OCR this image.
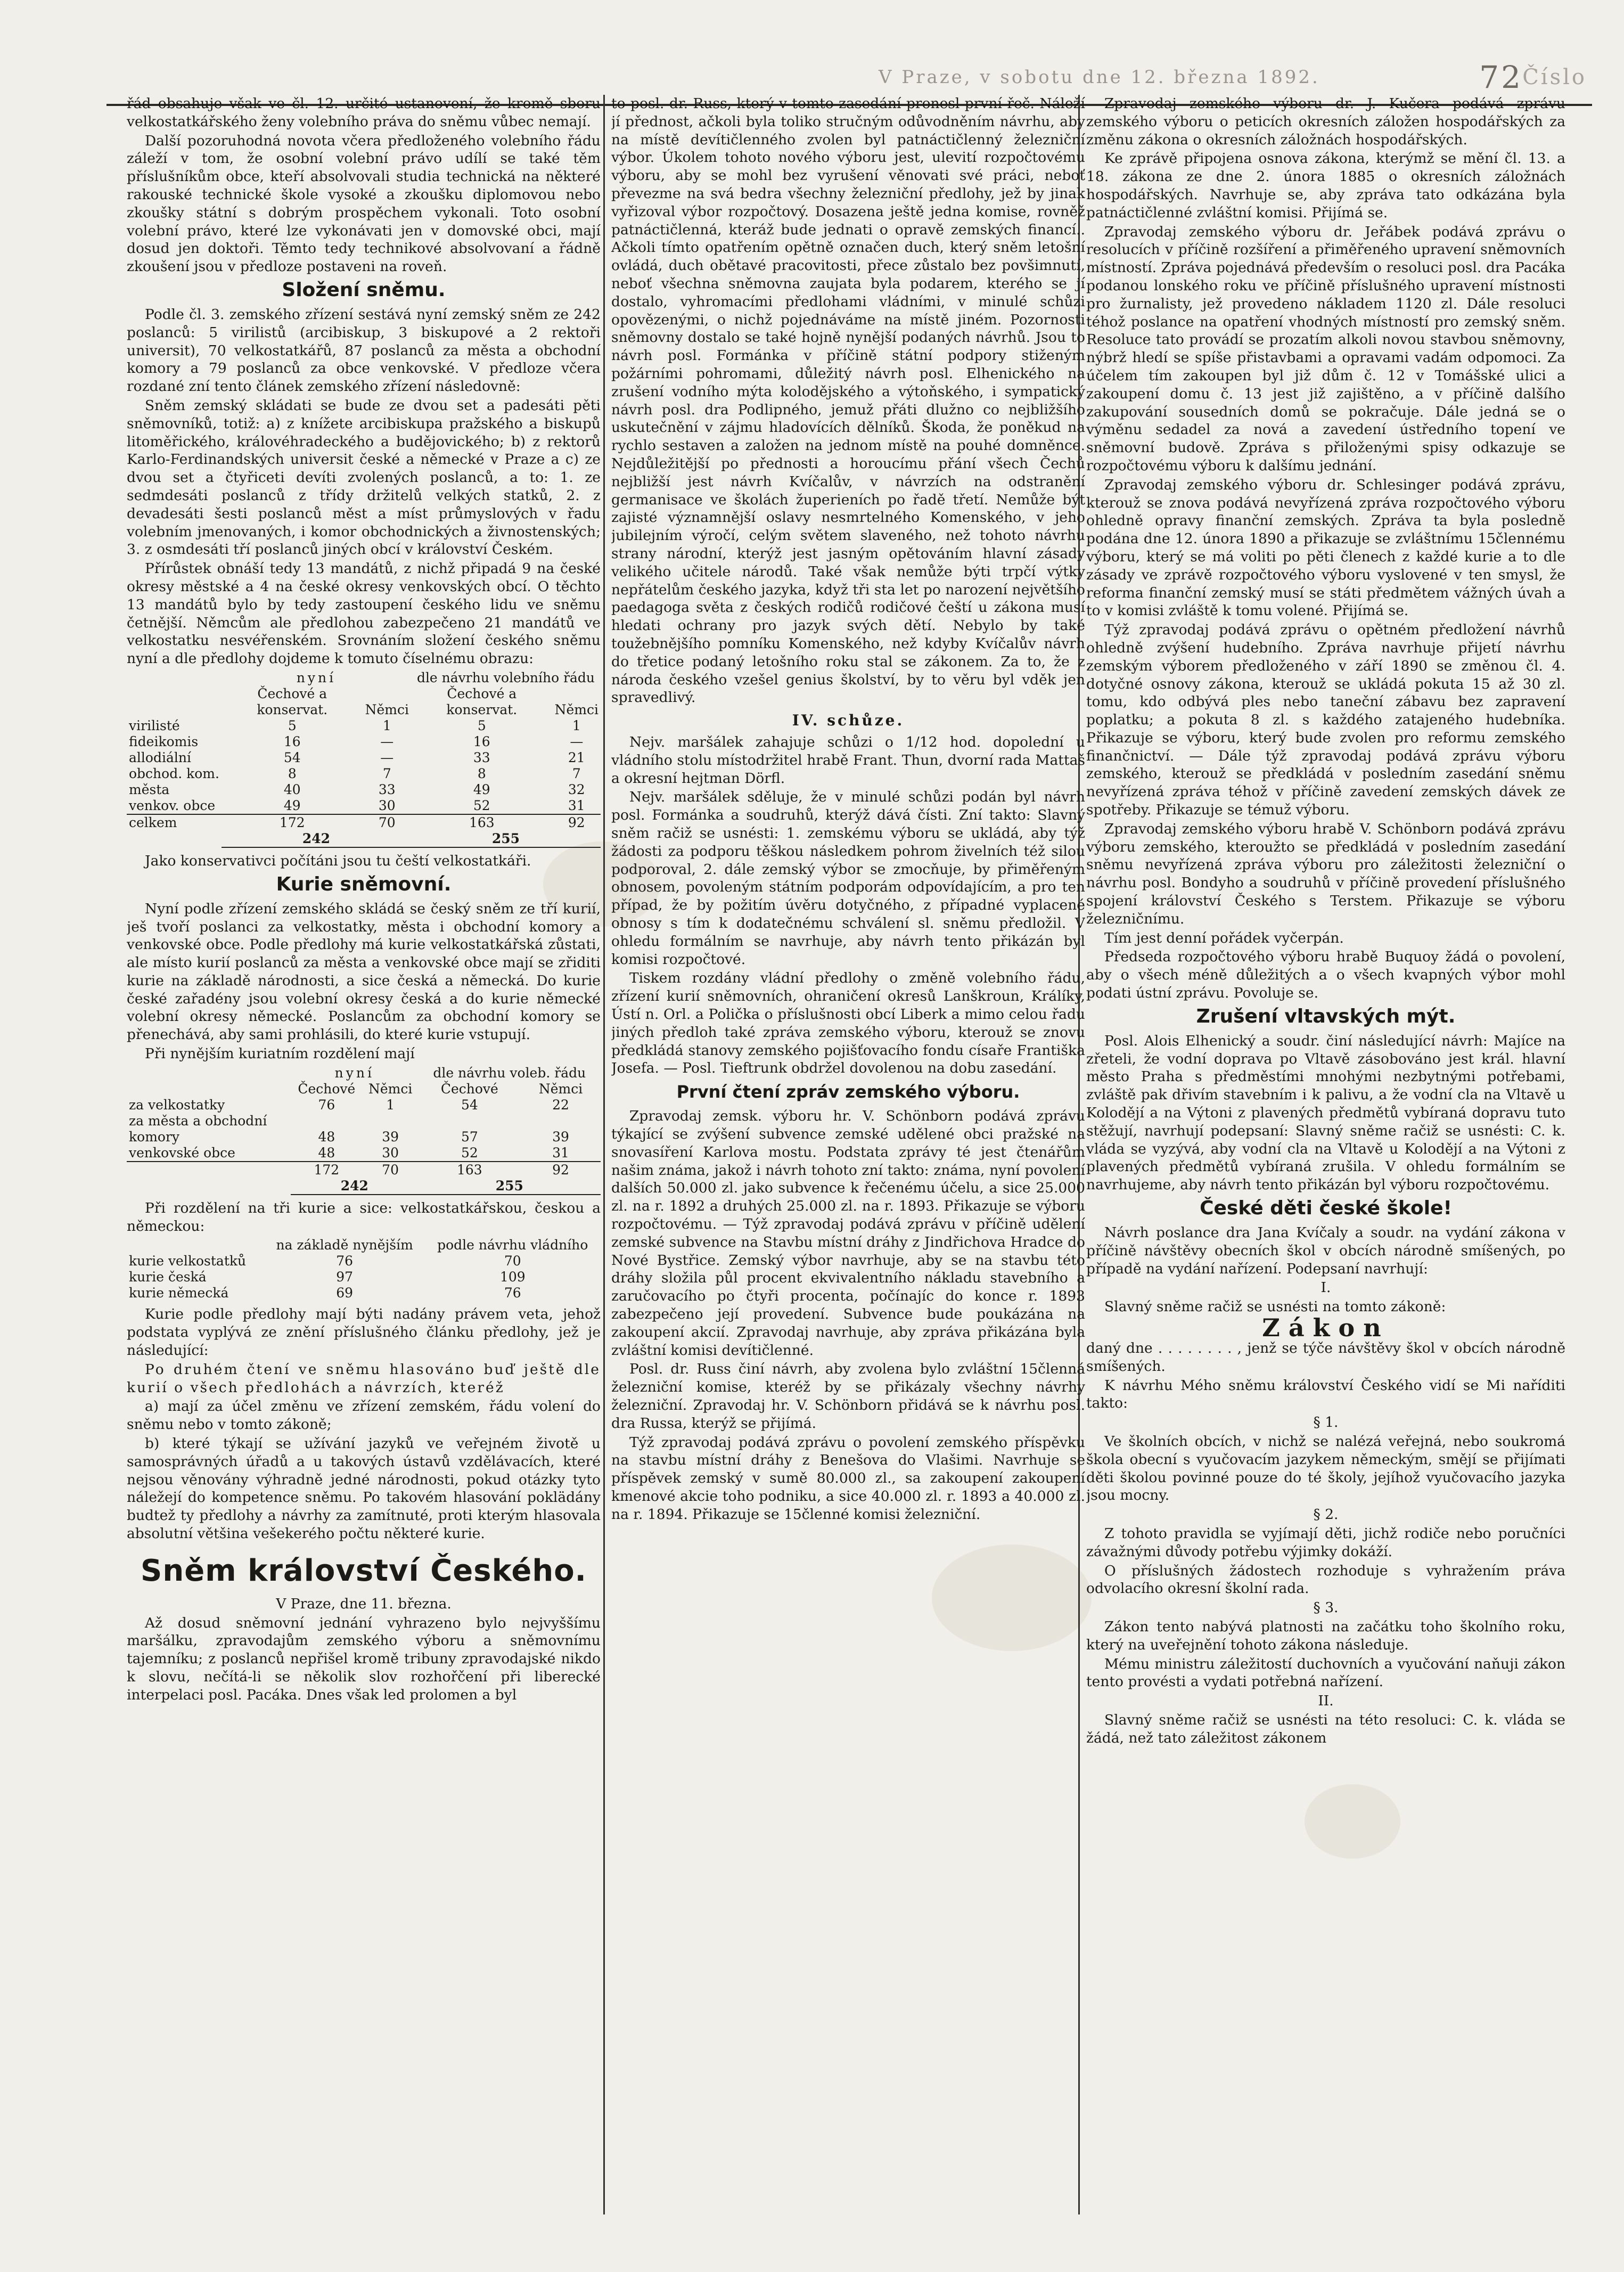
V Praze, v sobotu dne 12. března 1892.	72 Číslo

řád obsahuje však ve čl. 12. určité ustanovení, že kromě sboru velkostatkářského ženy volebního práva do sněmu vůbec nemají.

Další pozoruhodná novota včera předloženého volebního řádu záleží v tom, že osobní volební právo udílí se také těm příslušníkům obce, kteří absolvovali studia technická na některé rakouské technické škole vysoké a zkoušku diplomovou nebo zkoušky státní s dobrým prospěchem vykonali. Toto osobní volební právo, které lze vykonávati jen v domovské obci, mají dosud jen doktoři. Těmto tedy technikové absolvovaní a řádně zkoušení jsou v předloze postaveni na roveň.

Složení sněmu.

Podle čl. 3. zemského zřízení sestává nyní zemský sněm ze 242 poslanců: 5 virilistů (arcibiskup, 3 biskupové a 2 rektoři universit), 70 velkostatkářů, 87 poslanců za města a obchodní komory a 79 poslanců za obce venkovské. V předloze včera rozdané zní tento článek zemského zřízení následovně:

Sněm zemský skládati se bude ze dvou set a padesáti pěti sněmovníků, totiž: a) z knížete arcibiskupa pražského a biskupů litoměřického, královéhradeckého a budějovického; b) z rektorů Karlo-Ferdinandských universit české a německé v Praze a c) ze dvou set a čtyřiceti devíti zvolených poslanců, a to: 1. ze sedmdesáti poslanců z třídy držitelů velkých statků, 2. z devadesáti šesti poslanců měst a míst průmyslových v řadu volebním jmenovaných, i komor obchodnických a živnostenských; 3. z osmdesáti tří poslanců jiných obcí v království Českém.

Přírůstek obnáší tedy 13 mandátů, z nichž připadá 9 na české okresy městské a 4 na české okresy venkovských obcí. O těchto 13 mandátů bylo by tedy zastoupení českého lidu ve sněmu četnější. Němcům ale předlohou zabezpečeno 21 mandátů ve velkostatku nesvéřenském. Srovnáním složení českého sněmu nyní a dle předlohy dojdeme k tomuto číselnému obrazu:

	nyní		dle návrhu volebního řádu	
	Čechové a konservat.	Němci	Čechové a konservat.	Němci
virilisté	5	1	5	1
fideikomis	16	—	16	—
allodiální	54	—	33	21
obchod. kom.	8	7	8	7
města	40	33	49	32
venkov. obce	49	30	52	31
celkem	172	70	163	92
	242		255	

Jako konservativci počítáni jsou tu čeští velkostatkáři.

Kurie sněmovní.

Nyní podle zřízení zemského skládá se český sněm ze tří kurií, ješ tvoří poslanci za velkostatky, města i obchodní komory a venkovské obce. Podle předlohy má kurie velkostatkářská zůstati, ale místo kurií poslanců za města a venkovské obce mají se zřiditi kurie na základě národnosti, a sice česká a německá. Do kurie české zařadény jsou volební okresy česká a do kurie německé volební okresy německé. Poslancům za obchodní komory se přenechává, aby sami prohlásili, do které kurie vstupují.

Při nynějším kuriatním rozdělení mají

	nyní		dle návrhu voleb. řádu	
	Čechové	Němci	Čechové	Němci
za velkostatky	76	1	54	22
za města a obchodní komory	48	39	57	39
venkovské obce	48	30	52	31
	172	70	163	92
	242		255	

Při rozdělení na tři kurie a sice: velkostatkářskou, českou a německou:

	na základě nynějším	podle návrhu vládního
kurie velkostatků	76	70
kurie česká	97	109
kurie německá	69	76

Kurie podle předlohy mají býti nadány právem veta, jehož podstata vyplývá ze znění příslušného článku předlohy, jež je následující:

Po druhém čtení ve sněmu hlasováno buď ještě dle kurií o všech předlohách a návrzích, kteréž

a) mají za účel změnu ve zřízení zemském, řádu volení do sněmu nebo v tomto zákoně;

b) které týkají se užívání jazyků ve veřejném životě u samosprávných úřadů a u takových ústavů vzdělávacích, které nejsou věnovány výhradně jedné národnosti, pokud otázky tyto náležejí do kompetence sněmu. Po takovém hlasování poklädány budtež ty předlohy a návrhy za zamítnuté, proti kterým hlasovala absolutní většina vešekerého počtu některé kurie.

Sněm království Českého.

V Praze, dne 11. března.

Až dosud sněmovní jednání vyhrazeno bylo nejvyššímu maršálku, zpravodajům zemského výboru a sněmovnímu tajemníku; z poslanců nepřišel kromě tribuny zpravodajské nikdo k slovu, nečítá-li se několik slov rozhořčení při liberecké interpelaci posl. Pacáka. Dnes však led prolomen a byl

to posl. dr. Russ, který v tomto zasedání pronesl první řeč. Náleží jí přednost, ačkoli byla toliko stručným odůvodněním návrhu, aby na místě devítičlenného zvolen byl patnáctičlenný železniční výbor. Úkolem tohoto nového výboru jest, ulevití rozpočtovému výboru, aby se mohl bez vyrušení věnovati své práci, neboť převezme na svá bedra všechny železniční předlohy, jež by jinak vyřizoval výbor rozpočtový. Dosazena ještě jedna komise, rovněž patnáctičlenná, kteráž bude jednati o opravě zemských financí.. Ačkoli tímto opatřením opětně označen duch, který sněm letošní ovládá, duch obětavé pracovitosti, přece zůstalo bez povšimnutí, neboť všechna sněmovna zaujata byla podarem, kterého se jí dostalo, vyhromacími předlohami vládními, v minulé schůzi opovězenými, o nichž pojednáváme na místě jiném. Pozornosti sněmovny dostalo se také hojně nynější podaných návrhů. Jsou to návrh posl. Formánka v příčině státní podpory stiženým požárními pohromami, důležitý návrh posl. Elhenického na zrušení vodního mýta kolodějského a výtoňského, i sympatický návrh posl. dra Podlipného, jemuž přáti dlužno co nejbližšího uskutečnění v zájmu hladovících dělníků. Škoda, že poněkud na rychlo sestaven a založen na jednom místě na pouhé domněnce. Nejdůležitější po přednosti a horoucímu přání všech Čechů nejbližší jest návrh Kvíčalův, v návrzích na odstranění germanisace ve školách župerieních po řadě třetí. Nemůže být zajisté významnější oslavy nesmrtelného Komenského, v jeho jubilejním výročí, celým světem slaveného, než tohoto návrhu strany národní, kterýž jest jasným opětováním hlavní zásady velikého učitele národů. Také však nemůže býti trpčí výtky nepřátelům českého jazyka, když tři sta let po narození největšího paedagoga světa z českých rodičů rodičové čeští u zákona musí hledati ochrany pro jazyk svých dětí. Nebylo by také toužebnějšího pomníku Komenského, než kdyby Kvíčalův návrh do třetice podaný letošního roku stal se zákonem. Za to, že z národa českého vzešel genius školství, by to věru byl vděk jen spravedlivý.

IV. schůze.

Nejv. maršálek zahajuje schůzi o 1/12 hod. dopolední u vládního stolu místodržitel hrabě Frant. Thun, dvorní rada Mattaš a okresní hejtman Dörfl.

Nejv. maršálek sděluje, že v minulé schůzi podán byl návrh posl. Formánka a soudruhů, kterýž dává čísti. Zní takto: Slavný sněm račiž se usnésti: 1. zemskému výboru se ukládá, aby týž žádosti za podporu těškou následkem pohrom živelních též silou podporoval, 2. dále zemský výbor se zmocňuje, by přiměřeným obnosem, povoleným státním podporám odpovídajícím, a pro ten případ, že by požitím úvěru dotyčného, z případné vyplacené obnosy s tím k dodatečnému schválení sl. sněmu předložil. V ohledu formálním se navrhuje, aby návrh tento přikázán byl komisi rozpočtové.

Tiskem rozdány vládní předlohy o změně volebního řádu, zřízení kurií sněmovních, ohraničení okresů Lanškroun, Králíky, Ústí n. Orl. a Polička o příslušnosti obcí Liberk a mimo celou řadu jiných předloh také zpráva zemského výboru, kterouž se znovu předkládá stanovy zemského pojišťovacího fondu císaře Františka Josefa. — Posl. Tieftrunk obdržel dovolenou na dobu zasedání.

První čtení zpráv zemského výboru.

Zpravodaj zemsk. výboru hr. V. Schönborn podává zprávu týkající se zvýšení subvence zemské udělené obci pražské na snovasíření Karlova mostu. Podstata zprávy té jest čtenářům našim známa, jakož i návrh tohoto zní takto: známa, nyní povolení dalších 50.000 zl. jako subvence k řečenému účelu, a sice 25.000 zl. na r. 1892 a druhých 25.000 zl. na r. 1893. Přikazuje se výboru rozpočtovému. — Týž zpravodaj podává zprávu v příčině udělení zemské subvence na Stavbu místní dráhy z Jindřichova Hradce do Nové Bystřice. Zemský výbor navrhuje, aby se na stavbu této dráhy složila půl procent ekvivalentního nákladu stavebního a zaručovacího po čtyři procenta, počínajíc do konce r. 1893 zabezpečeno její provedení. Subvence bude poukázána na zakoupení akcií. Zpravodaj navrhuje, aby zpráva přikázána byla zvláštní komisi devítičlenné.

Posl. dr. Russ činí návrh, aby zvolena bylo zvláštní 15členná železniční komise, kteréž by se přikázaly všechny návrhy železniční. Zpravodaj hr. V. Schönborn přidává se k návrhu posl. dra Russa, kterýž se přijímá.

Týž zpravodaj podává zprávu o povolení zemského příspěvku na stavbu místní dráhy z Benešova do Vlašimi. Navrhuje se příspěvek zemský v sumě 80.000 zl., sa zakoupení zakoupení kmenové akcie toho podniku, a sice 40.000 zl. r. 1893 a 40.000 zl. na r. 1894. Přikazuje se 15členné komisi železniční.

Zpravodaj zemského výboru dr. J. Kučera podává zprávu zemského výboru o peticích okresních záložen hospodářských za změnu zákona o okresních záložnách hospodářských.

Ke zprávě připojena osnova zákona, kterýmž se mění čl. 13. a 18. zákona ze dne 2. února 1885 o okresních záložnách hospodářských. Navrhuje se, aby zpráva tato odkázána byla patnáctičlenné zvláštní komisi. Přijímá se.

Zpravodaj zemského výboru dr. Jeřábek podává zprávu o resolucích v příčině rozšíření a přiměřeného upravení sněmovních místností. Zpráva pojednává především o resoluci posl. dra Pacáka podanou lonského roku ve příčině příslušného upravení místnosti pro žurnalisty, jež provedeno nákladem 1120 zl. Dále resoluci téhož poslance na opatření vhodných místností pro zemský sněm. Resoluce tato provádí se prozatím alkoli novou stavbou sněmovny, nýbrž hledí se spíše přistavbami a opravami vadám odpomoci. Za účelem tím zakoupen byl již dům č. 12 v Tomášské ulici a zakoupení domu č. 13 jest již zajištěno, a v příčině dalšího zakupování sousedních domů se pokračuje. Dále jedná se o výměnu sedadel za nová a zavedení ústředního topení ve sněmovní budově. Zpráva s přiloženými spisy odkazuje se rozpočtovému výboru k dalšímu jednání.

Zpravodaj zemského výboru dr. Schlesinger podává zprávu, kterouž se znova podává nevyřízená zpráva rozpočtového výboru ohledně opravy finanční zemských. Zpráva ta byla posledně podána dne 12. února 1890 a přikazuje se zvláštnímu 15člennému výboru, který se má voliti po pěti členech z každé kurie a to dle zásady ve zprávě rozpočtového výboru vyslovené v ten smysl, že reforma finanční zemský musí se státi předmětem vážných úvah a to v komisi zvláště k tomu volené. Přijímá se.

Týž zpravodaj podává zprávu o opětném předložení návrhů ohledně zvýšení hudebního. Zpráva navrhuje přijetí návrhu zemským výborem předloženého v září 1890 se změnou čl. 4. dotyčné osnovy zákona, kterouž se ukládá pokuta 15 až 30 zl. tomu, kdo odbývá ples nebo taneční zábavu bez zapravení poplatku; a pokuta 8 zl. s každého zatajeného hudebníka. Přikazuje se výboru, který bude zvolen pro reformu zemského finančnictví. — Dále týž zpravodaj podává zprávu výboru zemského, kterouž se předkládá v posledním zasedání sněmu nevyřízená zpráva téhož v příčině zavedení zemských dávek ze spotřeby. Přikazuje se témuž výboru.

Zpravodaj zemského výboru hrabě V. Schönborn podává zprávu výboru zemského, kteroužto se předkládá v posledním zasedání sněmu nevyřízená zpráva výboru pro záležitosti železniční o návrhu posl. Bondyho a soudruhů v příčině provedení příslušného spojení království Českého s Terstem. Přikazuje se výboru železničnímu.

Tím jest denní pořádek vyčerpán.

Předseda rozpočtového výboru hrabě Buquoy žádá o povolení, aby o všech méně důležitých a o všech kvapných výbor mohl podati ústní zprávu. Povoluje se.

Zrušení vltavských mýt.

Posl. Alois Elhenický a soudr. činí následující návrh: Majíce na zřeteli, že vodní doprava po Vltavě zásobováno jest král. hlavní město Praha s předměstími mnohými nezbytnými potřebami, zvláště pak dřivím stavebním i k palivu, a že vodní cla na Vltavě u Kolodějí a na Výtoni z plavených předmětů vybíraná dopravu tuto stěžují, navrhují podepsaní: Slavný sněme račiž se usnésti: C. k. vláda se vyzývá, aby vodní cla na Vltavě u Kolodějí a na Výtoni z plavených předmětů vybíraná zrušila. V ohledu formálním se navrhujeme, aby návrh tento přikázán byl výboru rozpočtovému.

České děti české škole!

Návrh poslance dra Jana Kvíčaly a soudr. na vydání zákona v příčině návštěvy obecních škol v obcích národně smíšených, po případě na vydání nařízení. Podepsaní navrhují:

I.

Slavný sněme račiž se usnésti na tomto zákoně:

Zákon

daný dne . . . . . . . . , jenž se týče návštěvy škol v obcích národně smíšených.

K návrhu Mého sněmu království Českého vidí se Mi naříditi takto:

§ 1.

Ve školních obcích, v nichž se nalézá veřejná, nebo soukromá škola obecní s vyučovacím jazykem německým, smějí se přijímati děti školou povinné pouze do té školy, jejíhož vyučovacího jazyka jsou mocny.

§ 2.

Z tohoto pravidla se vyjímají děti, jichž rodiče nebo poručníci závažnými důvody potřebu výjimky dokáží.

O příslušných žádostech rozhoduje s vyhražením práva odvolacího okresní školní rada.

§ 3.

Zákon tento nabývá platnosti na začátku toho školního roku, který na uveřejnění tohoto zákona následuje.

Mému ministru záležitostí duchovních a vyučování naňuji zákon tento provésti a vydati potřebná nařízení.

II.

Slavný sněme račiž se usnésti na této resoluci: C. k. vláda se žádá, než tato záležitost zákonem
